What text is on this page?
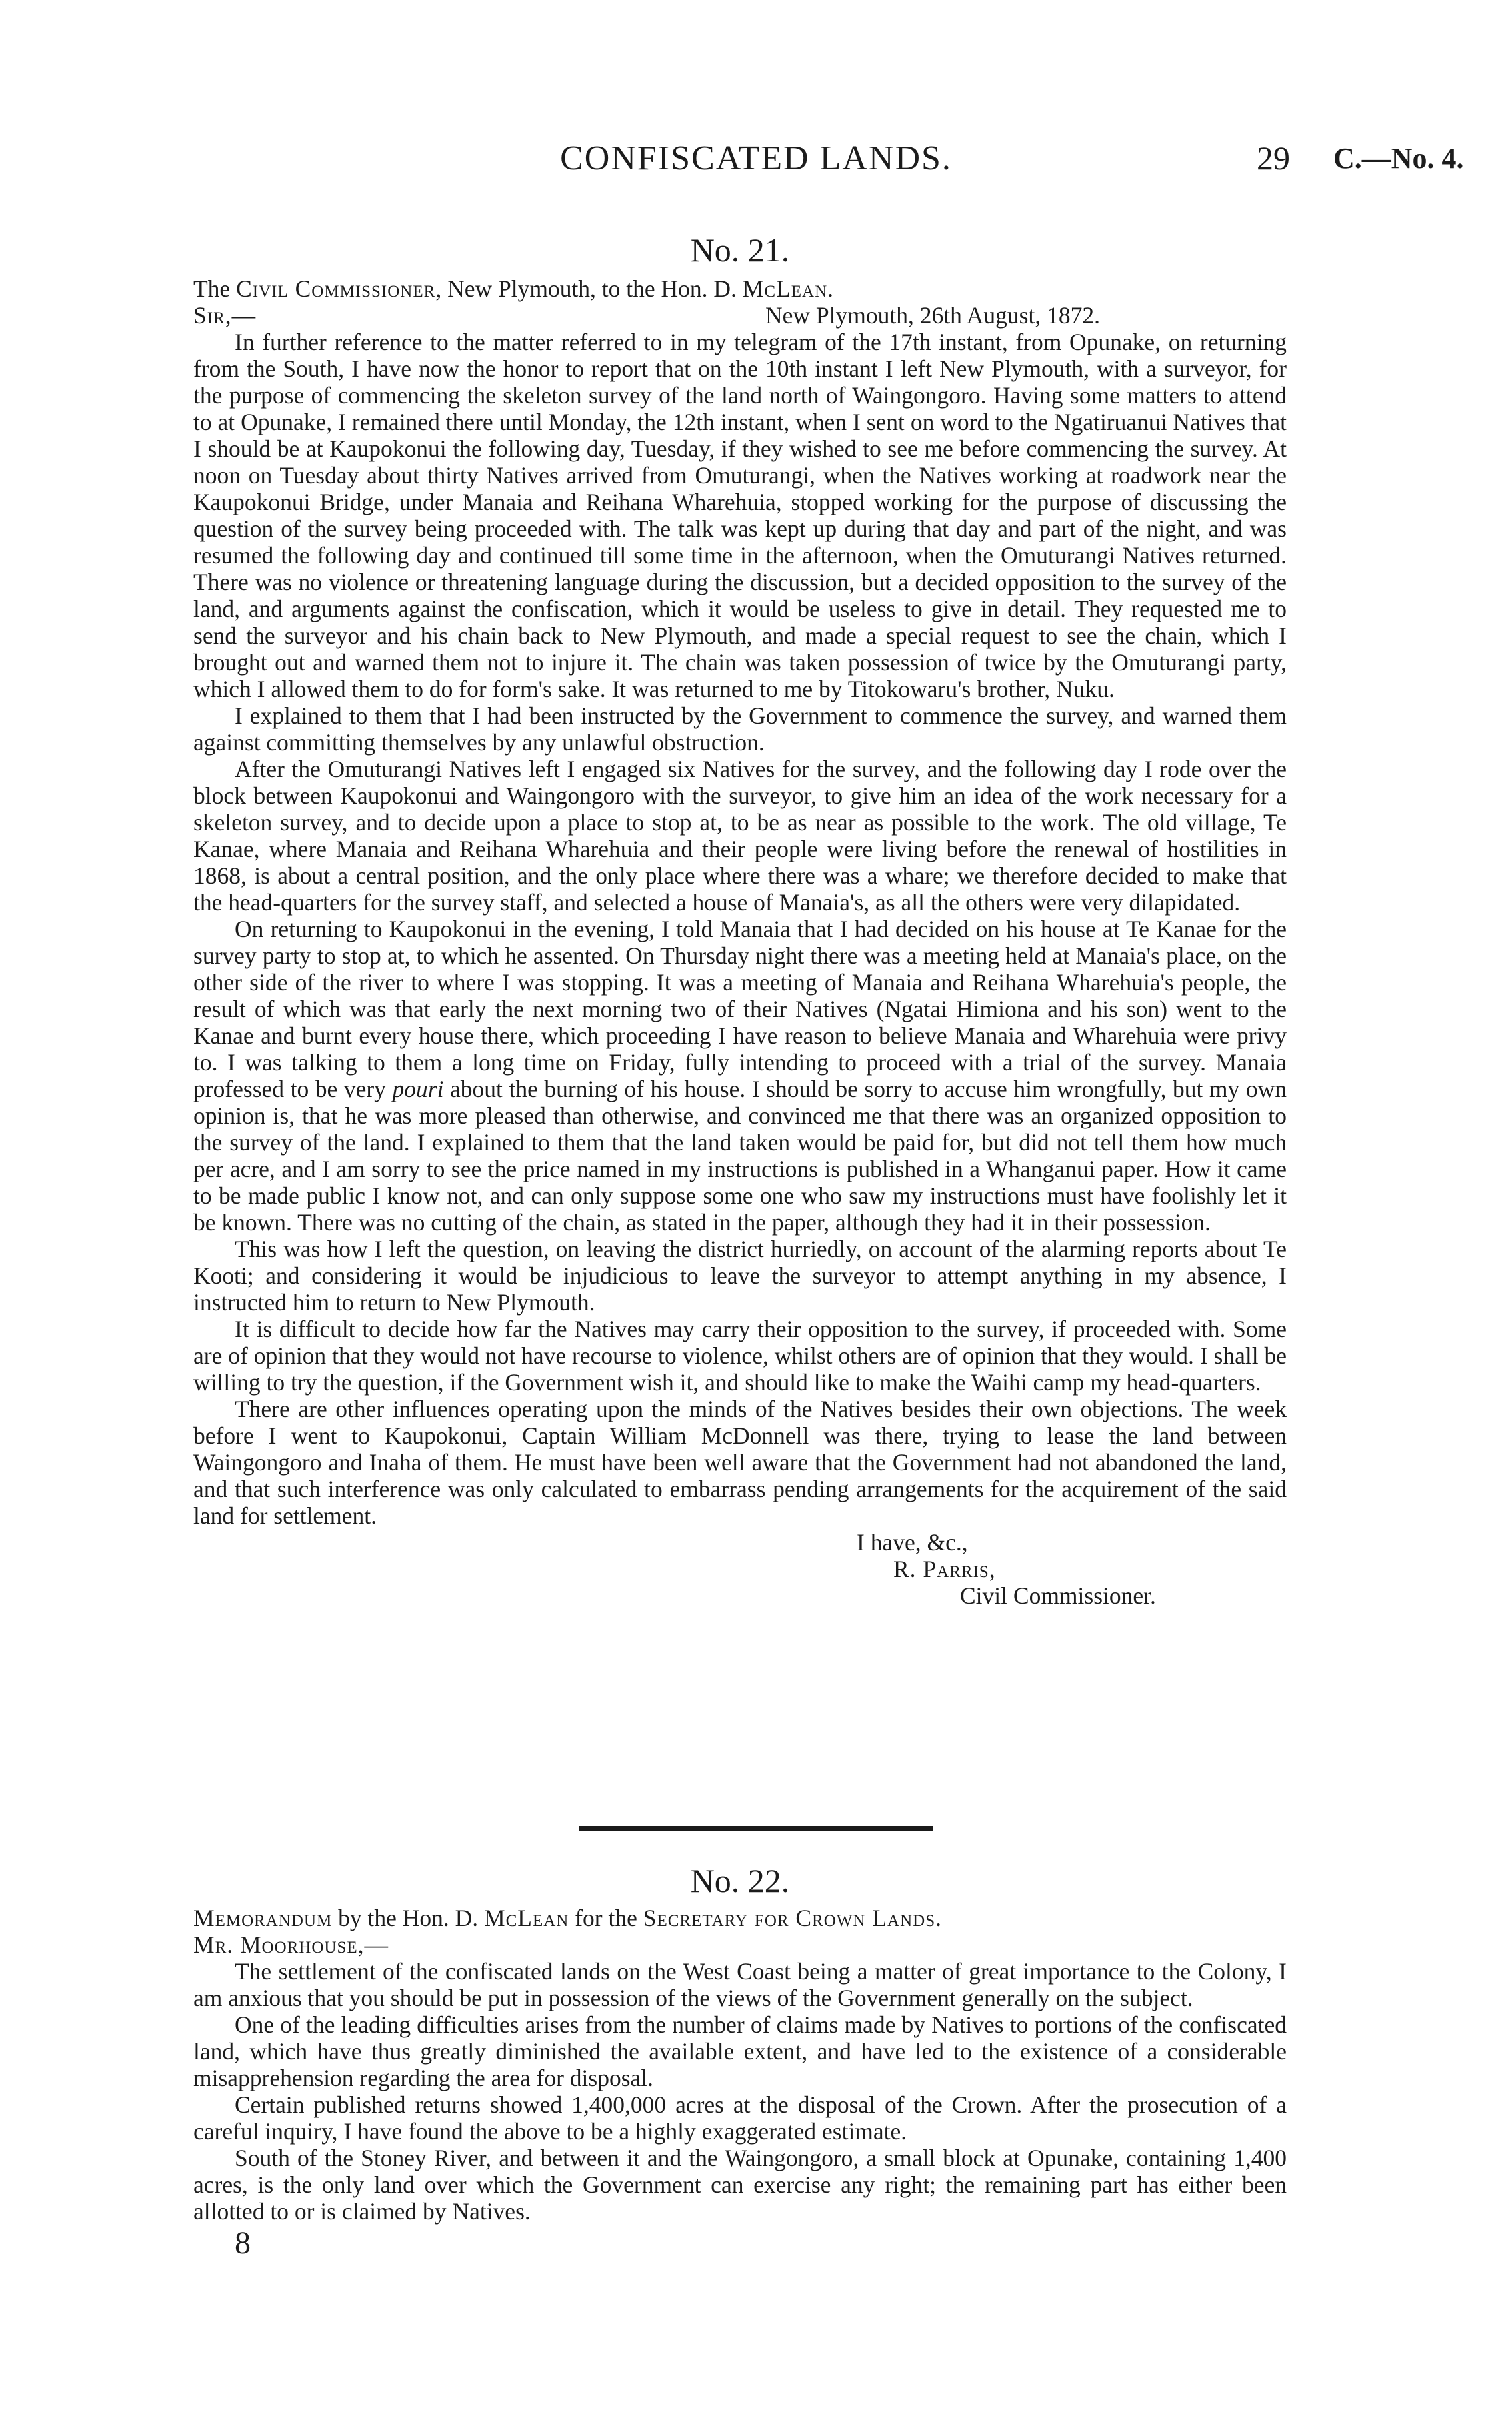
CONFISCATED LANDS.	29 C.—No. 4.
No. 21.

The Civil Commissioner, New Plymouth, to the Hon. D. McLean.

Sir,—	New Plymouth, 26th August, 1872.

In further reference to the matter referred to in my telegram of the 17th instant, from Opunake, on returning from the South, I have now the honor to report that on the 10th instant I left New Plymouth, with a surveyor, for the purpose of commencing the skeleton survey of the land north of Waingongoro. Having some matters to attend to at Opunake, I remained there until Monday, the 12th instant, when I sent on word to the Ngatiruanui Natives that I should be at Kaupokonui the following day, Tuesday, if they wished to see me before commencing the survey. At noon on Tuesday about thirty Natives arrived from Omuturangi, when the Natives working at roadwork near the Kaupokonui Bridge, under Manaia and Reihana Wharehuia, stopped working for the purpose of discussing the question of the survey being proceeded with. The talk was kept up during that day and part of the night, and was resumed the following day and continued till some time in the afternoon, when the Omuturangi Natives returned. There was no violence or threatening language during the discussion, but a decided opposition to the survey of the land, and arguments against the confiscation, which it would be useless to give in detail. They requested me to send the surveyor and his chain back to New Plymouth, and made a special request to see the chain, which I brought out and warned them not to injure it. The chain was taken possession of twice by the Omuturangi party, which I allowed them to do for form's sake. It was returned to me by Titokowaru's brother, Nuku.

I explained to them that I had been instructed by the Government to commence the survey, and warned them against committing themselves by any unlawful obstruction.

After the Omuturangi Natives left I engaged six Natives for the survey, and the following day I rode over the block between Kaupokonui and Waingongoro with the surveyor, to give him an idea of the work necessary for a skeleton survey, and to decide upon a place to stop at, to be as near as possible to the work. The old village, Te Kanae, where Manaia and Reihana Wharehuia and their people were living before the renewal of hostilities in 1868, is about a central position, and the only place where there was a whare; we therefore decided to make that the head-quarters for the survey staff, and selected a house of Manaia's, as all the others were very dilapidated.

On returning to Kaupokonui in the evening, I told Manaia that I had decided on his house at Te Kanae for the survey party to stop at, to which he assented. On Thursday night there was a meeting held at Manaia's place, on the other side of the river to where I was stopping. It was a meeting of Manaia and Reihana Wharehuia's people, the result of which was that early the next morning two of their Natives (Ngatai Himiona and his son) went to the Kanae and burnt every house there, which proceeding I have reason to believe Manaia and Wharehuia were privy to. I was talking to them a long time on Friday, fully intending to proceed with a trial of the survey. Manaia professed to be very pouri about the burning of his house. I should be sorry to accuse him wrongfully, but my own opinion is, that he was more pleased than otherwise, and convinced me that there was an organized opposition to the survey of the land. I explained to them that the land taken would be paid for, but did not tell them how much per acre, and I am sorry to see the price named in my instructions is published in a Whanganui paper. How it came to be made public I know not, and can only suppose some one who saw my instructions must have foolishly let it be known. There was no cutting of the chain, as stated in the paper, although they had it in their possession.

This was how I left the question, on leaving the district hurriedly, on account of the alarming reports about Te Kooti; and considering it would be injudicious to leave the surveyor to attempt anything in my absence, I instructed him to return to New Plymouth.

It is difficult to decide how far the Natives may carry their opposition to the survey, if proceeded with. Some are of opinion that they would not have recourse to violence, whilst others are of opinion that they would. I shall be willing to try the question, if the Government wish it, and should like to make the Waihi camp my head-quarters.

There are other influences operating upon the minds of the Natives besides their own objections. The week before I went to Kaupokonui, Captain William McDonnell was there, trying to lease the land between Waingongoro and Inaha of them. He must have been well aware that the Government had not abandoned the land, and that such interference was only calculated to embarrass pending arrangements for the acquirement of the said land for settlement.

I have, &c.,
R. Parris,
Civil Commissioner.
No. 22.

Memorandum by the Hon. D. McLean for the Secretary for Crown Lands.

Mr. Moorhouse,—

The settlement of the confiscated lands on the West Coast being a matter of great importance to the Colony, I am anxious that you should be put in possession of the views of the Government generally on the subject.

One of the leading difficulties arises from the number of claims made by Natives to portions of the confiscated land, which have thus greatly diminished the available extent, and have led to the existence of a considerable misapprehension regarding the area for disposal.

Certain published returns showed 1,400,000 acres at the disposal of the Crown. After the prosecution of a careful inquiry, I have found the above to be a highly exaggerated estimate.

South of the Stoney River, and between it and the Waingongoro, a small block at Opunake, containing 1,400 acres, is the only land over which the Government can exercise any right; the remaining part has either been allotted to or is claimed by Natives.

8
